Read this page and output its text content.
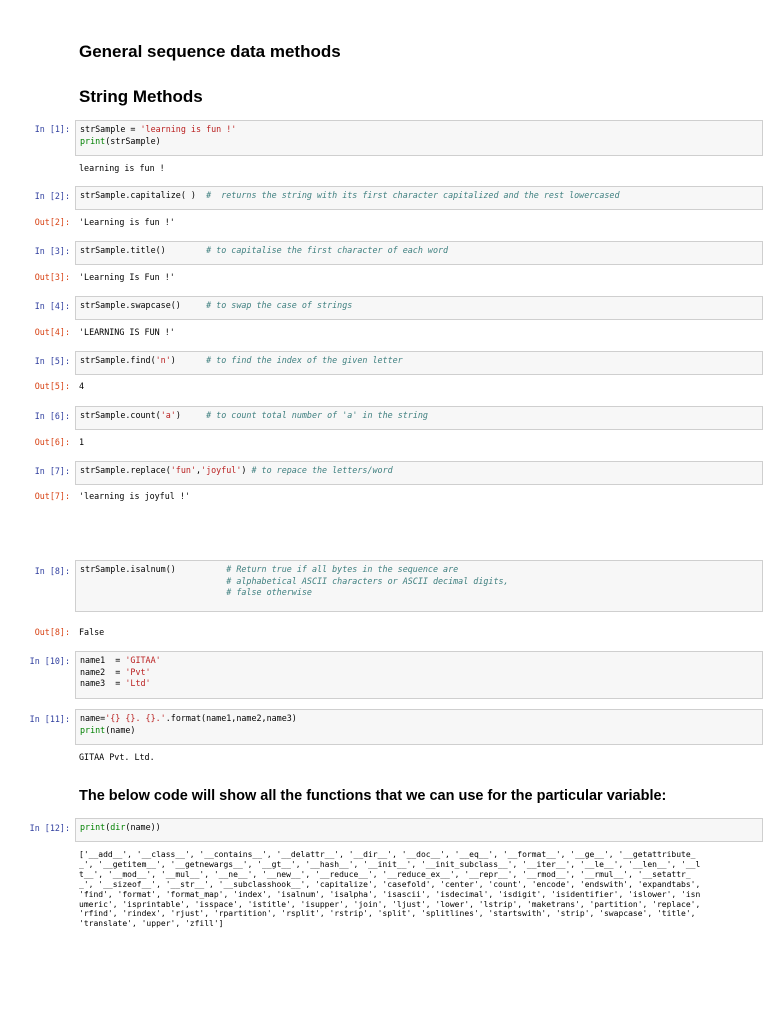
General sequence data methods
String Methods
The below code will show all the functions that we can use for the particular variable:
In [1]: strSample = 'learning is fun !'
print(strSample)
learning is fun !
In [2]: strSample.capitalize( )  #  returns the string with its first character capitalized and the rest lowercased
Out[2]: 'Learning is fun !'
In [3]: strSample.title()        # to capitalise the first character of each word
Out[3]: 'Learning Is Fun !'
In [4]: strSample.swapcase()     # to swap the case of strings
Out[4]: 'LEARNING IS FUN !'
In [5]: strSample.find('n')      # to find the index of the given letter
Out[5]: 4
In [6]: strSample.count('a')     # to count total number of 'a' in the string
Out[6]: 1
In [7]: strSample.replace('fun','joyful') # to repace the letters/word
Out[7]: 'learning is joyful !'
In [8]: strSample.isalnum()          # Return true if all bytes in the sequence are
# alphabetical ASCII characters or ASCII decimal digits,
# false otherwise
Out[8]: False
In [10]: name1  = 'GITAA'
name2  = 'Pvt'
name3  = 'Ltd'
In [11]: name='{} {}. {}.'.format(name1,name2,name3)
print(name)
GITAA Pvt. Ltd.
In [12]: print(dir(name))
['__add__', '__class__', '__contains__', '__delattr__', '__dir__', '__doc__', '__eq__', '__format__', '__ge__', '__getattribute_
_', '__getitem__', '__getnewargs__', '__gt__', '__hash__', '__init__', '__init_subclass__', '__iter__', '__le__', '__len__', '__l
t__', '__mod__', '__mul__', '__ne__', '__new__', '__reduce__', '__reduce_ex__', '__repr__', '__rmod__', '__rmul__', '__setattr_
_', '__sizeof__', '__str__', '__subclasshook__', 'capitalize', 'casefold', 'center', 'count', 'encode', 'endswith', 'expandtabs',
'find', 'format', 'format_map', 'index', 'isalnum', 'isalpha', 'isascii', 'isdecimal', 'isdigit', 'isidentifier', 'islower', 'isn
umeric', 'isprintable', 'isspace', 'istitle', 'isupper', 'join', 'ljust', 'lower', 'lstrip', 'maketrans', 'partition', 'replace',
'rfind', 'rindex', 'rjust', 'rpartition', 'rsplit', 'rstrip', 'split', 'splitlines', 'startswith', 'strip', 'swapcase', 'title',
'translate', 'upper', 'zfill']
